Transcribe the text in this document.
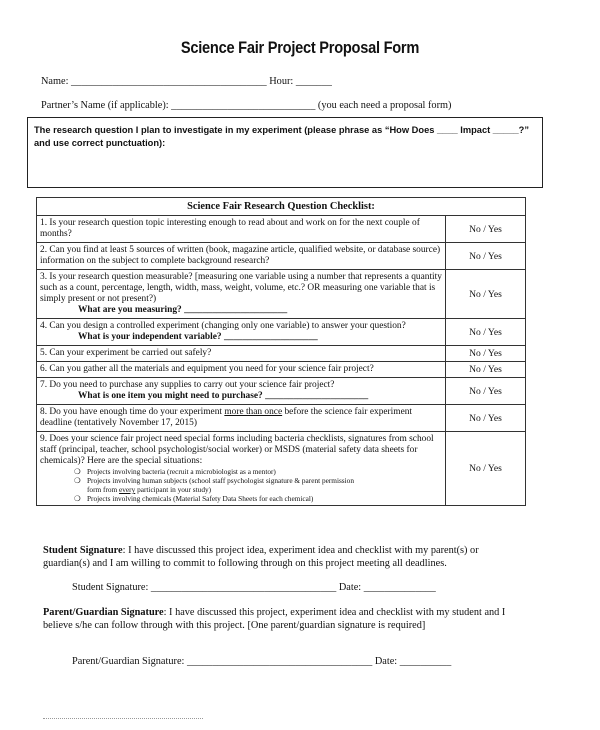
Science Fair Project Proposal Form
Name: ______________________________________ Hour: _______
Partner’s Name (if applicable): ____________________________ (you each need a proposal form)
The research question I plan to investigate in my experiment (please phrase as “How Does ____ Impact _____?”
and use correct punctuation):
Science Fair Research Question Checklist:	
1. Is your research question topic interesting enough to read about and work on for the next couple of months?	No / Yes
2. Can you find at least 5 sources of written (book, magazine article, qualified website, or database source) information on the subject to complete background research?	No / Yes

3. Is your research question measurable? [measuring one variable using a number that represents a quantity such as a count, percentage, length, width, mass, weight, volume, etc.? OR measuring one variable that is simply present or not present?)
What are you measuring? ______________________	No / Yes

4. Can you design a controlled experiment (changing only one variable) to answer your question?
What is your independent variable? ____________________	No / Yes
5. Can your experiment be carried out safely?	No / Yes
6. Can you gather all the materials and equipment you need for your science fair project?	No / Yes

7. Do you need to purchase any supplies to carry out your science fair project?
What is one item you might need to purchase? ______________________	No / Yes
8. Do you have enough time do your experiment more than once before the science fair experiment deadline (tentatively November 17, 2015)	No / Yes

9. Does your science fair project need special forms including bacteria checklists, signatures from school staff (principal, teacher, school psychologist/social worker) or MSDS (material safety data sheets for chemicals)? Here are the special situations:
❍ Projects involving bacteria (recruit a microbiologist as a mentor)
❍ Projects involving human subjects (school staff psychologist signature & parent permission
form from every participant in your study)
❍ Projects involving chemicals (Material Safety Data Sheets for each chemical)	No / Yes
Student Signature: I have discussed this project idea, experiment idea and checklist with my parent(s) or guardian(s) and I am willing to commit to following through on this project meeting all deadlines.
Student Signature: ____________________________________ Date: ______________
Parent/Guardian Signature: I have discussed this project, experiment idea and checklist with my student and I believe s/he can follow through with this project. [One parent/guardian signature is required]
Parent/Guardian Signature: ____________________________________ Date: __________
